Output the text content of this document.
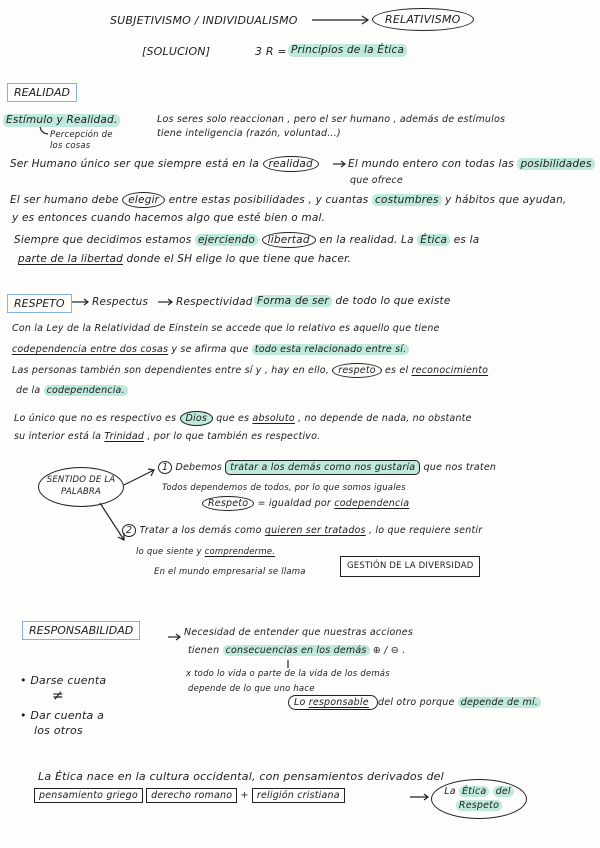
SUBJETIVISMO / INDIVIDUALISMO	RELATIVISMO
[SOLUCION]	3 R = Principios de la Ética
REALIDAD
Estímulo y Realidad.
Percepción de los cosas
Los seres solo reaccionan , pero el ser humano , además de estímulos
tiene inteligencia (razón, voluntad...)
Ser Humano único ser que siempre está en la realidad	El mundo entero con todas las posibilidades
que ofrece
El ser humano debe elegir entre estas posibilidades , y cuantas costumbres y hábitos que ayudan,
y es entonces cuando hacemos algo que esté bien o mal.
Siempre que decidimos estamos ejerciendo libertad en la realidad. La Ética es la
parte de la libertad donde el SH elige lo que tiene que hacer.
RESPETO	Respectus	Respectividad Forma de ser de todo lo que existe
Con la Ley de la Relatividad de Einstein se accede que lo relativo es aquello que tiene
codependencia entre dos cosas y se afirma que todo esta relacionado entre sí.
Las personas también son dependientes entre sí y , hay en ello, respeto es el reconocimiento
de la codependencia.
Lo único que no es respectivo es Dios que es absoluto , no depende de nada, no obstante
su interior está la Trinidad , por lo que también es respectivo.
SENTIDO DE LA PALABRA
1 Debemos tratar a los demás como nos gustaría que nos traten
Todos dependemos de todos, por lo que somos iguales
Respeto = igualdad por codependencia
2 Tratar a los demás como quieren ser tratados , lo que requiere sentir
lo que siente y comprenderme.
En el mundo empresarial se llama
GESTIÓN DE LA DIVERSIDAD
RESPONSABILIDAD	Necesidad de entender que nuestras acciones
tienen consecuencias en los demás ⊕ / ⊖ .
x todo lo vida o parte de la vida de los demás
depende de lo que uno hace
Lo responsable del otro porque depende de mí.
• Darse cuenta
≠
• Dar cuenta a
los otros
La Ética nace en la cultura occidental, con pensamientos derivados del
pensamiento griego derecho romano + religión cristiana	La Ética del
Respeto
